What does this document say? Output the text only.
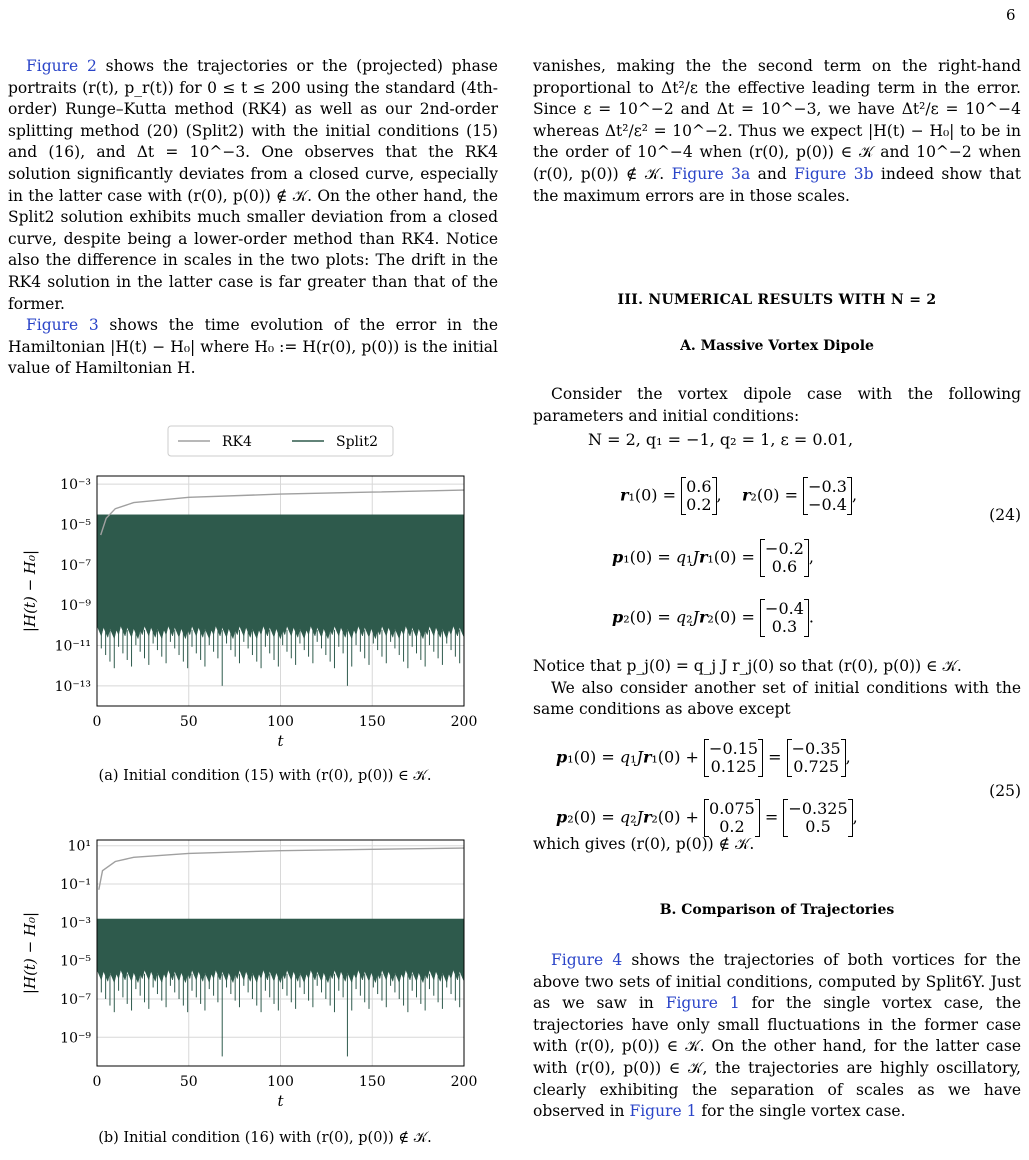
6

Figure 2 shows the trajectories or the (projected) phase portraits (r(t), p_r(t)) for 0 ≤ t ≤ 200 using the standard (4th-order) Runge–Kutta method (RK4) as well as our 2nd-order splitting method (20) (Split2) with the initial conditions (15) and (16), and Δt = 10^−3. One observes that the RK4 solution significantly deviates from a closed curve, especially in the latter case with (r(0), p(0)) ∉ 𝒦. On the other hand, the Split2 solution exhibits much smaller deviation from a closed curve, despite being a lower-order method than RK4. Notice also the difference in scales in the two plots: The drift in the RK4 solution in the latter case is far greater than that of the former.

Figure 3 shows the time evolution of the error in the Hamiltonian |H(t) − H₀| where H₀ := H(r(0), p(0)) is the initial value of Hamiltonian H.

0	50	100	150	200
10⁻³
10⁻⁵
10⁻⁷
10⁻⁹
10⁻¹¹
10⁻¹³
t
|H(t) − H₀|
RK4	Split2
(a) Initial condition (15) with (r(0), p(0)) ∈ 𝒦.
0	50	100	150	200
10¹
10⁻¹
10⁻³
10⁻⁵
10⁻⁷
10⁻⁹
t
|H(t) − H₀|
(b) Initial condition (16) with (r(0), p(0)) ∉ 𝒦.

vanishes, making the the second term on the right-hand proportional to Δt²/ε the effective leading term in the error. Since ε = 10^−2 and Δt = 10^−3, we have Δt²/ε = 10^−4 whereas Δt²/ε² = 10^−2. Thus we expect |H(t) − H₀| to be in the order of 10^−4 when (r(0), p(0)) ∈ 𝒦 and 10^−2 when (r(0), p(0)) ∉ 𝒦. Figure 3a and Figure 3b indeed show that the maximum errors are in those scales.

III. NUMERICAL RESULTS WITH N = 2
A. Massive Vortex Dipole

Consider the vortex dipole case with the following parameters and initial conditions:

N = 2, q₁ = −1, q₂ = 1, ε = 0.01,
r₁(0) = 0.6
0.2 ,    r₂(0) = −0.3
−0.4 ,
p₁(0) = q₁Jr₁(0) = −0.2
0.6 ,
p₂(0) = q₂Jr₂(0) = −0.4
0.3 .
(24)

Notice that p_j(0) = q_j J r_j(0) so that (r(0), p(0)) ∈ 𝒦.

We also consider another set of initial conditions with the same conditions as above except

p₁(0) = q₁Jr₁(0) + −0.15
0.125 = −0.35
0.725 ,
p₂(0) = q₂Jr₂(0) + 0.075
0.2 = −0.325
0.5 ,
(25)

which gives (r(0), p(0)) ∉ 𝒦.

B. Comparison of Trajectories

Figure 4 shows the trajectories of both vortices for the above two sets of initial conditions, computed by Split6Y. Just as we saw in Figure 1 for the single vortex case, the trajectories have only small fluctuations in the former case with (r(0), p(0)) ∈ 𝒦. On the other hand, for the latter case with (r(0), p(0)) ∈ 𝒦, the trajectories are highly oscillatory, clearly exhibiting the separation of scales as we have observed in Figure 1 for the single vortex case.
